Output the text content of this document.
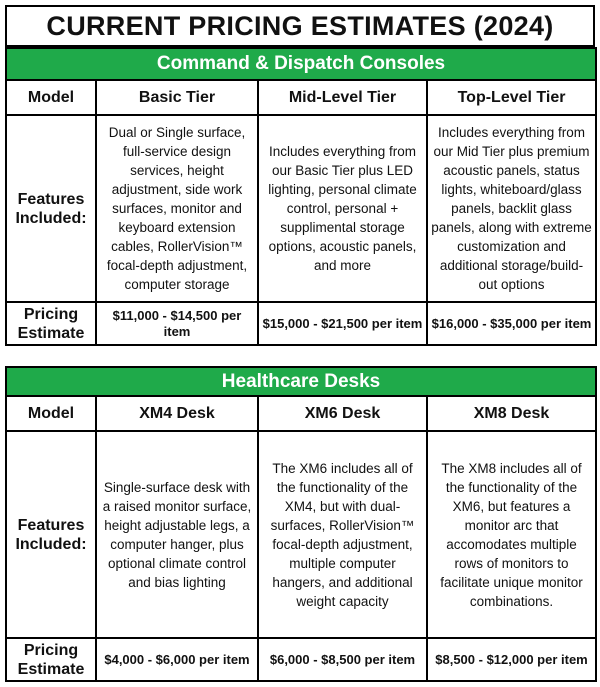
CURRENT PRICING ESTIMATES (2024)
Command & Dispatch Consoles			
Model	Basic Tier	Mid-Level Tier	Top-Level Tier
Features Included:	Dual or Single surface, full-service design services, height adjustment, side work surfaces, monitor and keyboard extension cables, RollerVision™ focal-depth adjustment, computer storage	Includes everything from our Basic Tier plus LED lighting, personal climate control, personal + supplimental storage options, acoustic panels, and more	Includes everything from our Mid Tier plus premium acoustic panels, status lights, whiteboard/glass panels, backlit glass panels, along with extreme customization and additional storage/build-out options
Pricing Estimate	$11,000 - $14,500 per item	$15,000 - $21,500 per item	$16,000 - $35,000 per item
Healthcare Desks			
Model	XM4 Desk	XM6 Desk	XM8 Desk
Features Included:	Single-surface desk with a raised monitor surface, height adjustable legs, a computer hanger, plus optional climate control and bias lighting	The XM6 includes all of the functionality of the XM4, but with dual-surfaces, RollerVision™ focal-depth adjustment, multiple computer hangers, and additional weight capacity	The XM8 includes all of the functionality of the XM6, but features a monitor arc that accomodates multiple rows of monitors to facilitate unique monitor combinations.
Pricing Estimate	$4,000 - $6,000 per item	$6,000 - $8,500 per item	$8,500 - $12,000 per item
